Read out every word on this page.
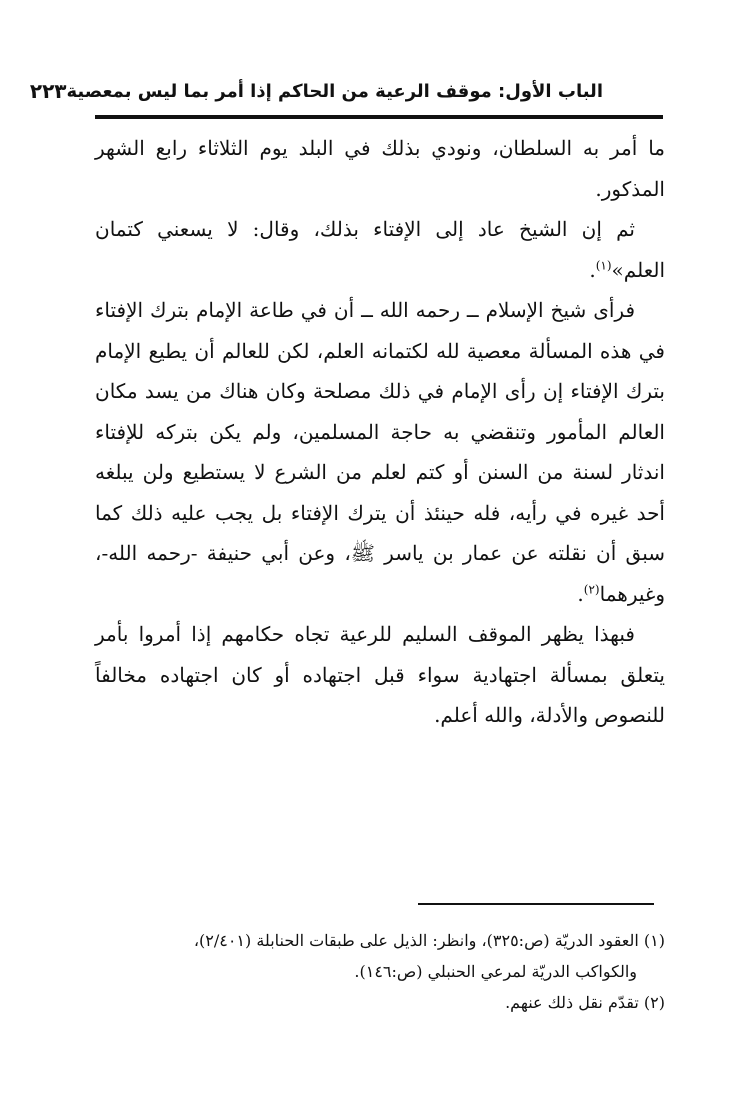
الباب الأول: موقف الرعية من الحاكم إذا أمر بما ليس بمعصية
٢٢٣

ما أمر به السلطان، ونودي بذلك في البلد يوم الثلاثاء رابع الشهر المذكور.

ثم إن الشيخ عاد إلى الإفتاء بذلك، وقال: لا يسعني كتمان العلم»$^{(١)}$.

فرأى شيخ الإسلام ــ رحمه الله ــ أن في طاعة الإمام بترك الإفتاء في هذه المسألة معصية لله لكتمانه العلم، لكن للعالم أن يطيع الإمام بترك الإفتاء إن رأى الإمام في ذلك مصلحة وكان هناك من يسد مكان العالم المأمور وتنقضي به حاجة المسلمين، ولم يكن بتركه للإفتاء اندثار لسنة من السنن أو كتم لعلم من الشرع لا يستطيع ولن يبلغه أحد غيره في رأيه، فله حينئذ أن يترك الإفتاء بل يجب عليه ذلك كما سبق أن نقلته عن عمار بن ياسر ﷺ، وعن أبي حنيفة -رحمه الله-، وغيرهما$^{(٢)}$.

فبهذا يظهر الموقف السليم للرعية تجاه حكامهم إذا أمروا بأمر يتعلق بمسألة اجتهادية سواء قبل اجتهاده أو كان اجتهاده مخالفاً للنصوص والأدلة، والله أعلم.

(١) العقود الدريّة (ص:٣٢٥)، وانظر: الذيل على طبقات الحنابلة (٢/٤٠١)،

والكواكب الدريّة لمرعي الحنبلي (ص:١٤٦).

(٢) تقدّم نقل ذلك عنهم.
